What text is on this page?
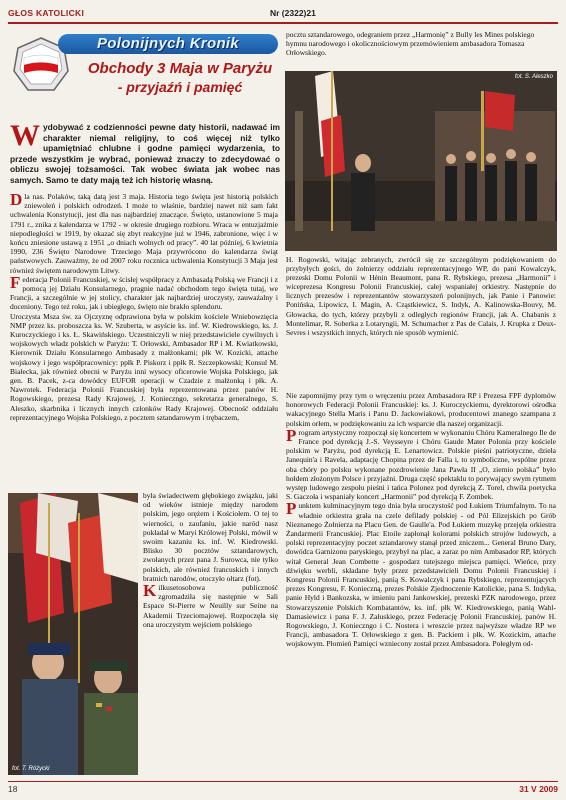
GŁOS KATOLICKI	Nr (2322)21
Polonijnych Kronik
Obchody 3 Maja w Paryżu
- przyjaźń i pamięć
Wydobywać z codzienności pewne daty historii, nadawać im charakter niemal religijny, to coś więcej niż tylko upamiętniać chlubne i godne pamięci wydarzenia, to przede wszystkim je wybrać, ponieważ znaczy to zdecydować o obliczu swojej tożsamości. Tak wobec świata jak wobec nas samych. Samo te daty mają też ich historię własną.

Dla nas. Polaków, taką datą jest 3 maja. Historia tego święta jest historią polskich zniewoleń i polskich odrodzeń. I może to właśnie, bardziej nawet niż sam fakt uchwalenia Konstytucji, jest dla nas najbardziej znaczące. Święto, ustanowione 5 maja 1791 r., znika z kalendarza w 1792 - w okresie drugiego rozbioru. Wraca w entuzjaźmie niepodległości w 1919, by okazać się zbyt reakcyjne już w 1946, zabronione, więc i w końcu zniesione ustawą z 1951 „o dniach wolnych od pracy”. 40 lat później, 6 kwietnia 1990, 236 Święto Narodowe Trzeciego Maja przywrócono do kalendarza świąt państwowych. Zauważmy, że od 2007 roku rocznica uchwalenia Konstytucji 3 Maja jest również świętem narodowym Litwy.

Federacja Polonii Francuskiej, w ścisłej współpracy z Ambasadą Polską we Francji i z pomocą jej Działu Konsularnego, pragnie nadać obchodom tego święta tutaj, we Francji, a szczególnie w jej stolicy, charakter jak najbardziej uroczysty, zauważalny i doceniony. Tego też roku, jak i ubiegłego, święto nie brakło splendoru.

Uroczysta Msza św. za Ojczyznę odprawiona była w polskim kościele Wniebowzięcia NMP przez ks. proboszcza ks. W. Szuberta, w asyście ks. inf. W. Kiedrowskiego, ks. J. Kuroczyckiego i ks. Ł. Skawińskiego. Uczestniczyli w niej przedstawiciele cywilnych i wojskowych władz polskich w Paryżu: T. Orłowski, Ambasador RP i M. Kwiatkowski, Kierownik Działu Konsularnego Ambasady z małżonkami; płk W. Kozicki, attache wojskowy i jego współpracownicy: ppłk P. Piskorz i ppłk R. Szczepkowski; Konsul M. Białecka, jak również obecni w Paryżu inni wysocy oficerowie Wojska Polskiego, jak gen. B. Pacek, z-ca dowódcy EUFOR operacji w Czadzie z małżonką i płk. A. Nawrotek. Federacja Polonii Francuskiej była reprezentowana przez panów H. Rogowskiego, prezesa Rady Krajowej, J. Konieczngo, sekretarza generalnego, S. Aleszko, skarbnika i licznych innych członków Rady Krajowej. Obecność oddziału reprezentacyjnego Wojska Polskiego, z pocztem sztandarowym i trębaczem,

fot. T. Różycki

była świadectwem głębokiego związku, jaki od wieków istnieje między narodem polskim, jego orężem i Kościołem. O tej to wierności, o zaufaniu, jakie naród nasz pokładał w Maryi Królowej Polski, mówił w swoim kazaniu ks. inf. W. Kiedrowski. Blisko 30 pocztów sztandarowych, zwołanych przez pana J. Surowca, nie tylko polskich, ale również francuskich i innych bratnich narodów, otoczyło ołtarz (fot).

Kilkusetosobowa publiczność zgromadziła się następnie w Sali Espace St-Pierre w Neuilly sur Seine na Akademii Trzeciomajowej. Rozpoczęła się ona uroczystym wejściem polskiego

pocztu sztandarowego, odegraniem przez „Harmonię” z Bully les Mines polskiego hymnu narodowego i okolicznościowym przemówieniem ambasadora Tomasza Orłowskiego.
fot. S. Aleszko
H. Rogowski, witając zebranych, zwrócił się ze szczególnym podziękowaniem do przybyłych gości, do żołnierzy oddziału reprezentacyjnego WP, do pani Kowalczyk, prezeski Domu Polonii w Hénin Beaumont, pana R. Rybskiego, prezesa „Harmonii” i wiceprezesa Kongresu Polonii Francuskiej, całej wspaniałej orkiestry. Następnie do licznych prezesów i reprezentantów stowarzyszeń polonijnych, jak Panie i Panowie: Ponińska, Lipowicz, I. Magin, A. Cząstkiewicz, S. Indyk, A. Kalinowska-Bouvy, M. Głowacka, do tych, którzy przybyli z odległych regionów Francji, jak A. Chabanis z Montelimar, R. Soberka z Lotaryngii, M. Schumacher z Pas de Calais, J. Krupka z Deux-Sevres i wszystkich innych, których nie sposób wymienić.

Nie zapomnijmy przy tym o wręczeniu przez Ambasadora RP i Prezesa FPF dyplomów honorowych Federacji Polonii Francuskiej: ks. J. Kuroczyckiemu, dyrektorowi ośrodka wakacyjnego Stella Maris i Panu D. Jackowiakowi, producentowi znanego szampana z polskim orłem, w podziękowaniu za ich wsparcie dla naszej organizacji.

Program artystyczny rozpoczął się koncertem w wykonaniu Chóru Kameralnego Ile de France pod dyrekcją J.-S. Veysseyre i Chóru Gaude Mater Polonia przy kościele polskim w Paryżu, pod dyrekcją E. Lenartowicz. Polskie pieśni patriotyczne, dzieła Janequin'a i Ravela, adaptację Chopina przez de Falla i, to symboliczne, wspólne przez oba chóry po polsku wykonane pozdrowienie Jana Pawła II „O, ziemio polska” było hołdem złożonym Polsce i przyjaźni. Druga część spektaklu to porywający swym rytmem występ ludowego zespołu pieśni i tańca Polonez pod dyrekcją Z. Torel, chwila poetycka S. Gaczoła i wspaniały koncert „Harmonii” pod dyrekcją F. Zombek.

Punktem kulminacyjnym tego dnia była uroczystość pod Łukiem Triumfalnym. To na władnie orkiestra grała na czele defilady polskiej - od Pól Elizejskich po Grób Nieznanego Żołnierza na Placu Gen. de Gaulle'a. Pod Łukiem muzykę przejęła orkiestra Żandarmerii Francuskiej. Plac Etoile zapłonął kolorami polskich strojów ludowych, a polski reprezentacyjny poczet sztandarowy stanął przed zniczem... General Bruno Dary, dowódca Garnizonu paryskiego, przybył na plac, a zaraz po nim Ambasador RP, których witał General Jean Combette - gospodarz tutejszego miejsca pamięci. Wieńce, przy dźwięku werbli, składane były przez przedstawicieli Domu Polonii Francuskiej i Kongresu Polonii Francuskiej, panią S. Kowalczyk i pana Rybskiego, reprezentujących prezes Kongresu, F. Konieczną, prezes Polskie Zjednoczenie Katolickie, pana S. Indyka, panie Hyld i Bankozska, w imieniu pani Jankowskiej, prezeski PZK narodowego, przez Stowarzyszenie Polskich Kombatantów, ks. inf. płk W. Kiedrowskiego, panią Wahl-Damasiewicz i pana F. J. Załuskiego, przez Federację Polonii Francuskiej, panów H. Rogowskiego, J. Konieczngo i C. Nostera i wreszcie przez najwyższe władze RP we Francji, ambasadora T. Orłowskiego z gen. B. Packiem i płk. W. Kozickim, attache wojskowym. Płomień Pamięci wzniecony został przez Ambasadora. Połegłym od-

18	31 V 2009
